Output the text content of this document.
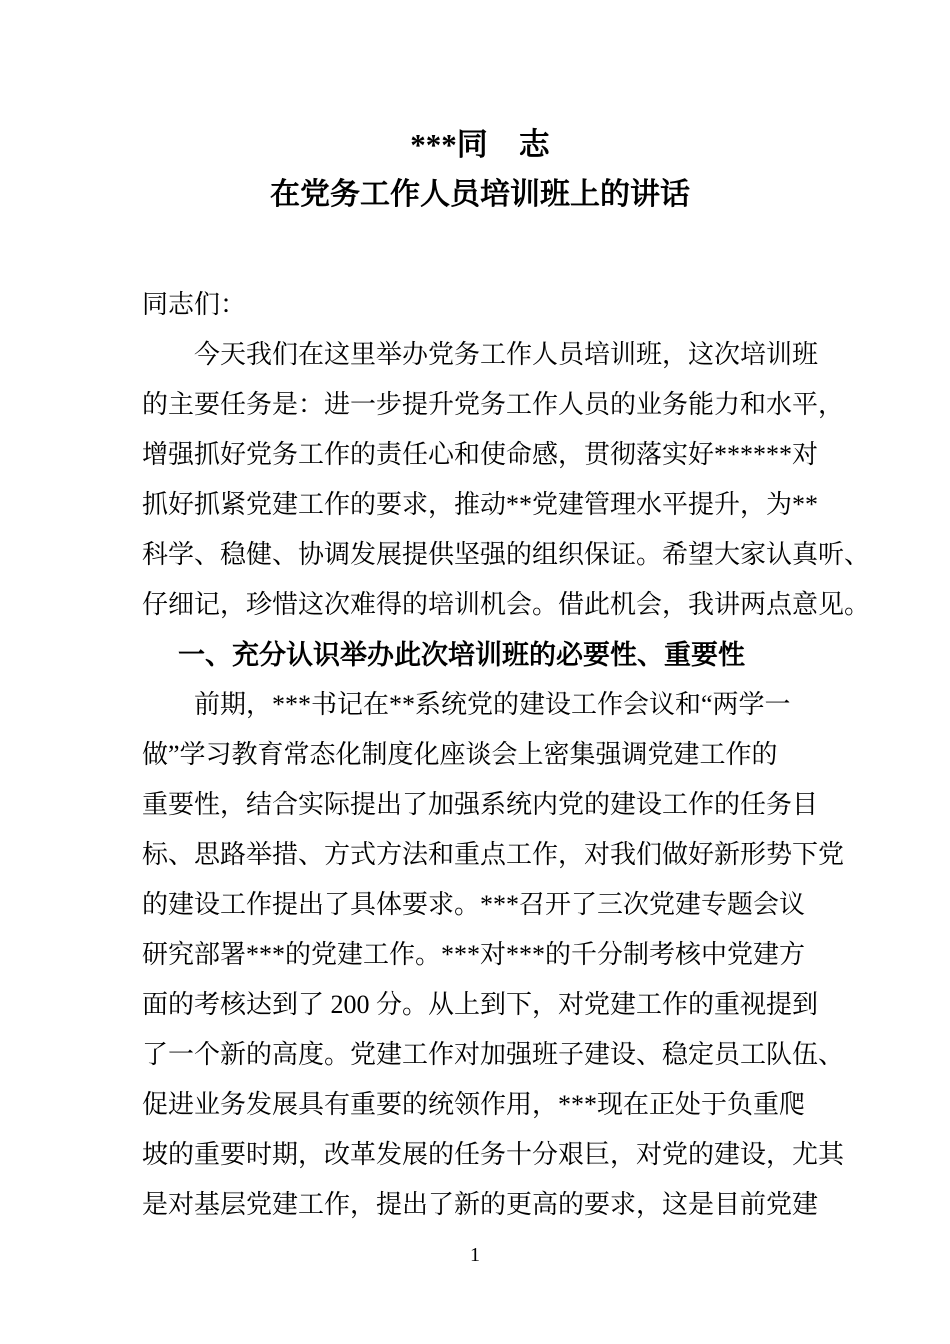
***同　志
在党务工作人员培训班上的讲话
同志们：
今天我们在这里举办党务工作人员培训班，这次培训班
的主要任务是：进一步提升党务工作人员的业务能力和水平，
增强抓好党务工作的责任心和使命感，贯彻落实好******对
抓好抓紧党建工作的要求，推动**党建管理水平提升，为**
科学、稳健、协调发展提供坚强的组织保证。希望大家认真听、
仔细记，珍惜这次难得的培训机会。借此机会，我讲两点意见。
一、充分认识举办此次培训班的必要性、重要性
前期，***书记在**系统党的建设工作会议和“两学一
做”学习教育常态化制度化座谈会上密集强调党建工作的
重要性，结合实际提出了加强系统内党的建设工作的任务目
标、思路举措、方式方法和重点工作，对我们做好新形势下党
的建设工作提出了具体要求。***召开了三次党建专题会议
研究部署***的党建工作。***对***的千分制考核中党建方
面的考核达到了 200 分。从上到下，对党建工作的重视提到
了一个新的高度。党建工作对加强班子建设、稳定员工队伍、
促进业务发展具有重要的统领作用，***现在正处于负重爬
坡的重要时期，改革发展的任务十分艰巨，对党的建设，尤其
是对基层党建工作，提出了新的更高的要求，这是目前党建
1
